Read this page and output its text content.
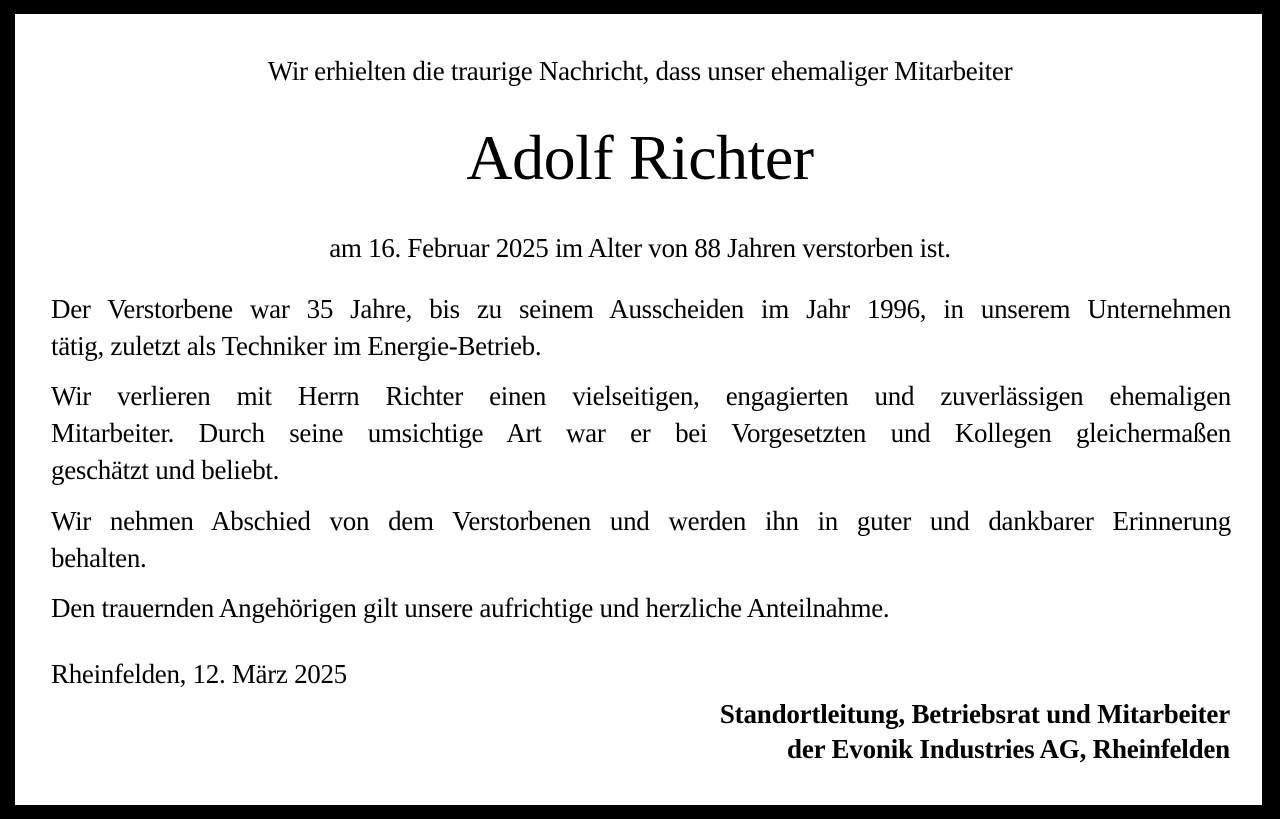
Wir erhielten die traurige Nachricht, dass unser ehemaliger Mitarbeiter

Adolf Richter

am 16. Februar 2025 im Alter von 88 Jahren verstorben ist.

Der Verstorbene war 35 Jahre, bis zu seinem Ausscheiden im Jahr 1996, in unserem Unternehmen

tätig, zuletzt als Techniker im Energie-Betrieb.

Wir verlieren mit Herrn Richter einen vielseitigen, engagierten und zuverlässigen ehemaligen

Mitarbeiter. Durch seine umsichtige Art war er bei Vorgesetzten und Kollegen gleichermaßen

geschätzt und beliebt.

Wir nehmen Abschied von dem Verstorbenen und werden ihn in guter und dankbarer Erinnerung

behalten.

Den trauernden Angehörigen gilt unsere aufrichtige und herzliche Anteilnahme.

Rheinfelden, 12. März 2025

Standortleitung, Betriebsrat und Mitarbeiter

der Evonik Industries AG, Rheinfelden
